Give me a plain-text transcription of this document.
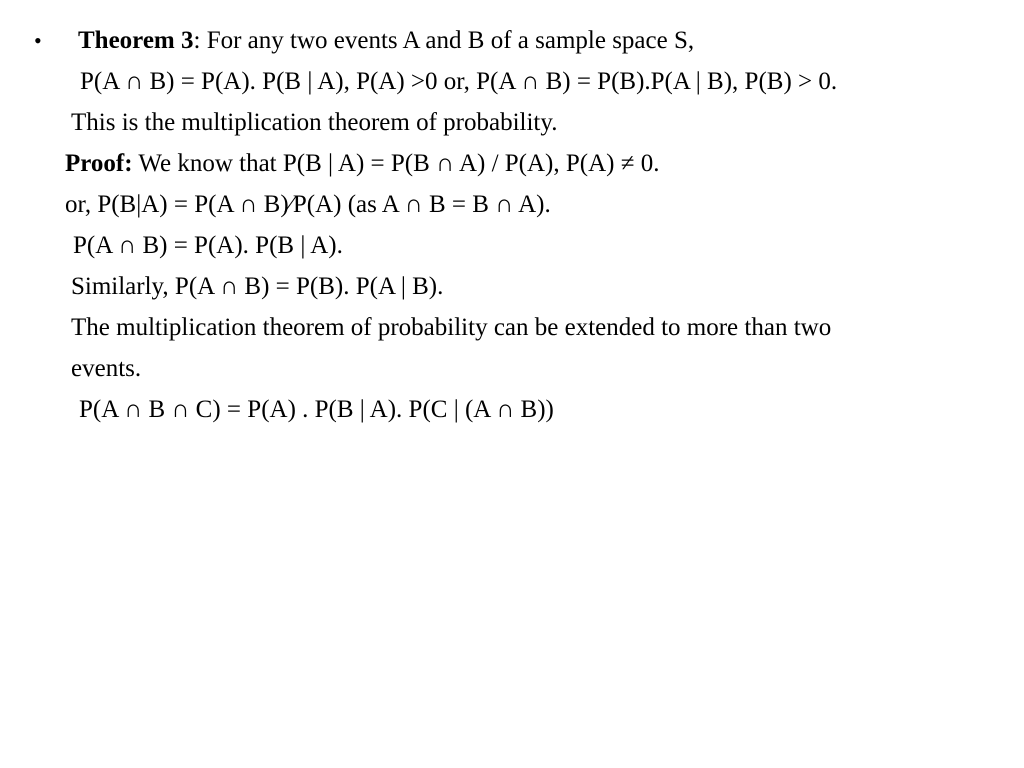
• Theorem 3: For any two events A and B of a sample space S,
P(A ∩ B) = P(A). P(B | A), P(A) >0 or, P(A ∩ B) = P(B).P(A | B), P(B) > 0.
This is the multiplication theorem of probability.
Proof: We know that P(B | A) = P(B ∩ A) / P(A), P(A) ≠ 0.
or, P(B|A) = P(A ∩ B)⁄P(A) (as A ∩ B = B ∩ A).
P(A ∩ B) = P(A). P(B | A).
Similarly, P(A ∩ B) = P(B). P(A | B).
The multiplication theorem of probability can be extended to more than two
events.
P(A ∩ B ∩ C) = P(A) . P(B | A). P(C | (A ∩ B))
